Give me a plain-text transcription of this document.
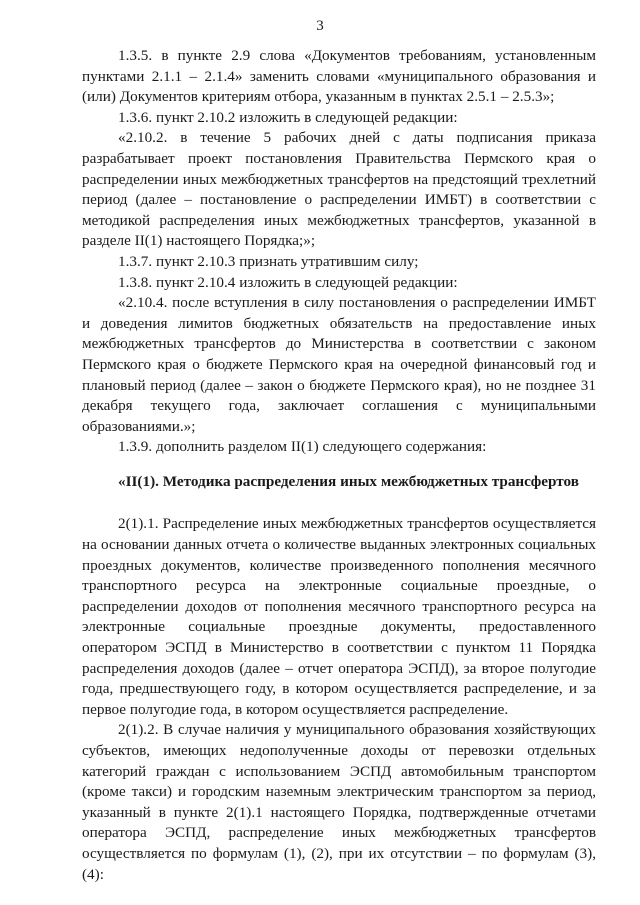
3

1.3.5. в пункте 2.9 слова «Документов требованиям, установленным пунктами 2.1.1 – 2.1.4» заменить словами «муниципального образования и (или) Документов критериям отбора, указанным в пунктах 2.5.1 – 2.5.3»;

1.3.6. пункт 2.10.2 изложить в следующей редакции:

«2.10.2. в течение 5 рабочих дней с даты подписания приказа разрабатывает проект постановления Правительства Пермского края о распределении иных межбюджетных трансфертов на предстоящий трехлетний период (далее – постановление о распределении ИМБТ) в соответствии с методикой распределения иных межбюджетных трансфертов, указанной в разделе II(1) настоящего Порядка;»;

1.3.7. пункт 2.10.3 признать утратившим силу;

1.3.8. пункт 2.10.4 изложить в следующей редакции:

«2.10.4. после вступления в силу постановления о распределении ИМБТ и доведения лимитов бюджетных обязательств на предоставление иных межбюджетных трансфертов до Министерства в соответствии с законом Пермского края о бюджете Пермского края на очередной финансовый год и плановый период (далее – закон о бюджете Пермского края), но не позднее 31 декабря текущего года, заключает соглашения с муниципальными образованиями.»;

1.3.9. дополнить разделом II(1) следующего содержания:

«II(1). Методика распределения иных межбюджетных трансфертов

2(1).1. Распределение иных межбюджетных трансфертов осуществляется на основании данных отчета о количестве выданных электронных социальных проездных документов, количестве произведенного пополнения месячного транспортного ресурса на электронные социальные проездные, о распределении доходов от пополнения месячного транспортного ресурса на электронные социальные проездные документы, предоставленного оператором ЭСПД в Министерство в соответствии с пунктом 11 Порядка распределения доходов (далее – отчет оператора ЭСПД), за второе полугодие года, предшествующего году, в котором осуществляется распределение, и за первое полугодие года, в котором осуществляется распределение.

2(1).2. В случае наличия у муниципального образования хозяйствующих субъектов, имеющих недополученные доходы от перевозки отдельных категорий граждан с использованием ЭСПД автомобильным транспортом (кроме такси) и городским наземным электрическим транспортом за период, указанный в пункте 2(1).1 настоящего Порядка, подтвержденные отчетами оператора ЭСПД, распределение иных межбюджетных трансфертов осуществляется по формулам (1), (2), при их отсутствии – по формулам (3), (4):
